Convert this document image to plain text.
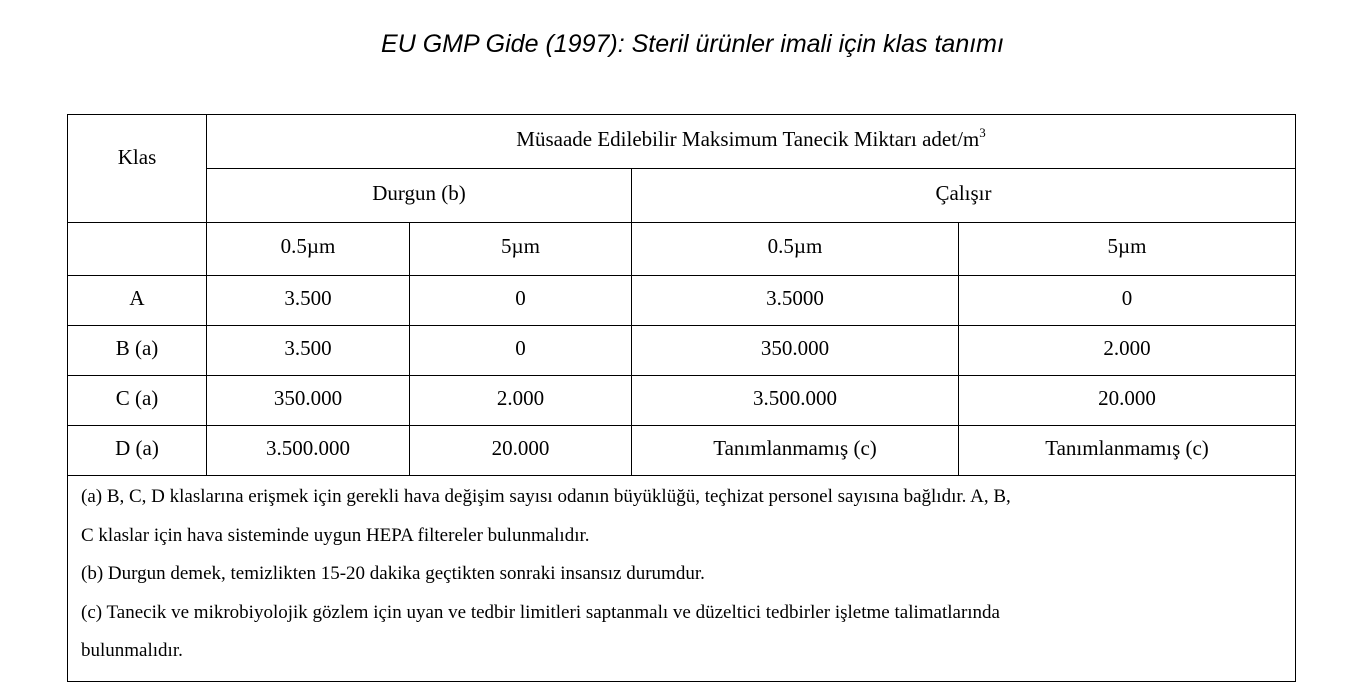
EU GMP Gide (1997): Steril ürünler imali için klas tanımı
Klas	Müsaade Edilebilir Maksimum Tanecik Miktarı adet/$m^3$
	Durgun (b)		Çalışır	
	0.5µm	5µm	0.5µm	5µm
A	3.500	0	3.5000	0
B (a)	3.500	0	350.000	2.000
C (a)	350.000	2.000	3.500.000	20.000
D (a)	3.500.000	20.000	Tanımlanmamış (c)	Tanımlanmamış (c)

(a) B, C, D klaslarına erişmek için gerekli hava değişim sayısı odanın büyüklüğü, teçhizat personel sayısına bağlıdır. A, B,
C klaslar için hava sisteminde uygun HEPA filtereler bulunmalıdır.
(b) Durgun demek, temizlikten 15-20 dakika geçtikten sonraki insansız durumdur.
(c) Tanecik ve mikrobiyolojik gözlem için uyan ve tedbir limitleri saptanmalı ve düzeltici tedbirler işletme talimatlarında
bulunmalıdır.				
